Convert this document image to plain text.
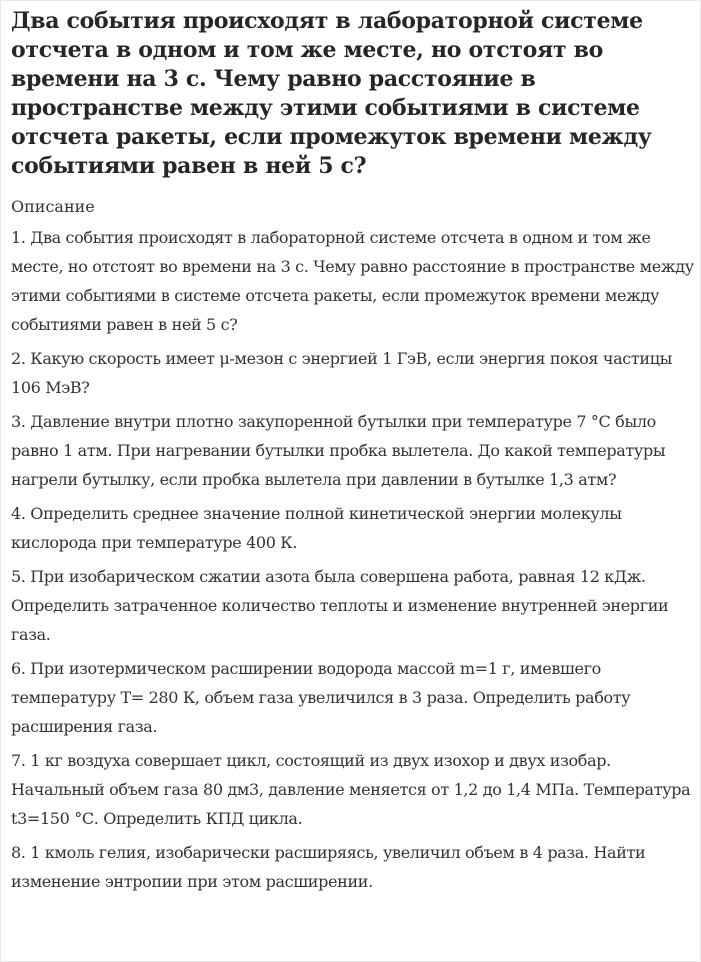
Два события происходят в лабораторной системе отсчета в одном и том же месте, но отстоят во времени на 3 с. Чему равно расстояние в пространстве между этими событиями в системе отсчета ракеты, если промежуток времени между событиями равен в ней 5 с?
Описание
1. Два события происходят в лабораторной системе отсчета в одном и том же месте, но отстоят во времени на 3 с. Чему равно расстояние в пространстве между этими событиями в системе отсчета ракеты, если промежуток времени между событиями равен в ней 5 с?
2. Какую скорость имеет μ-мезон с энергией 1 ГэВ, если энергия покоя частицы 106 МэВ?
3. Давление внутри плотно закупоренной бутылки при температуре 7 °С было равно 1 атм. При нагревании бутылки пробка вылетела. До какой температуры нагрели бутылку, если пробка вылетела при давлении в бутылке 1,3 атм?
4. Определить среднее значение полной кинетической энергии молекулы кислорода при температуре 400 К.
5. При изобарическом сжатии азота была совершена работа, равная 12 кДж. Определить затраченное количество теплоты и изменение внутренней энергии газа.
6. При изотермическом расширении водорода массой m=1 г, имевшего температуру Т= 280 К, объем газа увеличился в 3 раза. Определить работу расширения газа.
7. 1 кг воздуха совершает цикл, состоящий из двух изохор и двух изобар. Начальный объем газа 80 дм3, давление меняется от 1,2 до 1,4 МПа. Температура t3=150 °С. Определить КПД цикла.
8. 1 кмоль гелия, изобарически расширяясь, увеличил объем в 4 раза. Найти изменение энтропии при этом расширении.
